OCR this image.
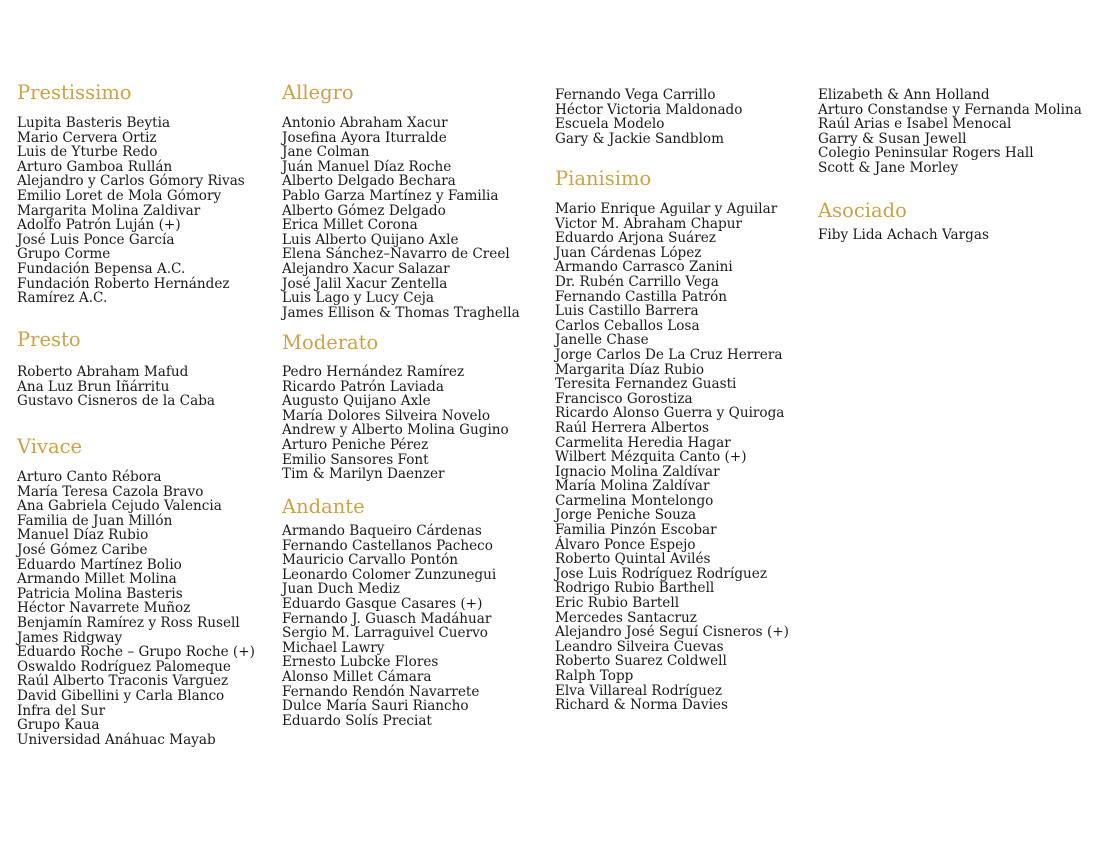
Prestissimo
Lupita Basteris Beytia
Mario Cervera Ortiz
Luis de Yturbe Redo
Arturo Gamboa Rullán
Alejandro y Carlos Gómory Rivas
Emilio Loret de Mola Gómory
Margarita Molina Zaldivar
Adolfo Patrón Luján (+)
José Luis Ponce García
Grupo Corme
Fundación Bepensa A.C.
Fundación Roberto Hernández
Ramírez A.C.
Presto
Roberto Abraham Mafud
Ana Luz Brun Iñárritu
Gustavo Cisneros de la Caba
Vivace
Arturo Canto Rébora
María Teresa Cazola Bravo
Ana Gabriela Cejudo Valencia
Familia de Juan Millón
Manuel Díaz Rubio
José Gómez Caribe
Eduardo Martínez Bolio
Armando Millet Molina
Patricia Molina Basteris
Héctor Navarrete Muñoz
Benjamín Ramírez y Ross Rusell
James Ridgway
Eduardo Roche – Grupo Roche (+)
Oswaldo Rodríguez Palomeque
Raúl Alberto Traconis Varguez
David Gibellini y Carla Blanco
Infra del Sur
Grupo Kaua
Universidad Anáhuac Mayab
Allegro
Antonio Abraham Xacur
Josefina Ayora Iturralde
Jane Colman
Juán Manuel Díaz Roche
Alberto Delgado Bechara
Pablo Garza Martínez y Familia
Alberto Gómez Delgado
Erica Millet Corona
Luis Alberto Quijano Axle
Elena Sánchez–Navarro de Creel
Alejandro Xacur Salazar
José Jalil Xacur Zentella
Luis Lago y Lucy Ceja
James Ellison & Thomas Traghella
Moderato
Pedro Hernández Ramírez
Ricardo Patrón Laviada
Augusto Quijano Axle
María Dolores Silveira Novelo
Andrew y Alberto Molina Gugino
Arturo Peniche Pérez
Emilio Sansores Font
Tim & Marilyn Daenzer
Andante
Armando Baqueiro Cárdenas
Fernando Castellanos Pacheco
Mauricio Carvallo Pontón
Leonardo Colomer Zunzunegui
Juan Duch Mediz
Eduardo Gasque Casares (+)
Fernando J. Guasch Madáhuar
Sergio M. Larraguivel Cuervo
Michael Lawry
Ernesto Lubcke Flores
Alonso Millet Cámara
Fernando Rendón Navarrete
Dulce María Sauri Riancho
Eduardo Solís Preciat
Fernando Vega Carrillo
Héctor Victoria Maldonado
Escuela Modelo
Gary & Jackie Sandblom
Pianisimo
Mario Enrique Aguilar y Aguilar
Victor M. Abraham Chapur
Eduardo Arjona Suárez
Juan Cárdenas López
Armando Carrasco Zanini
Dr. Rubén Carrillo Vega
Fernando Castilla Patrón
Luis Castillo Barrera
Carlos Ceballos Losa
Janelle Chase
Jorge Carlos De La Cruz Herrera
Margarita Díaz Rubio
Teresita Fernandez Guasti
Francisco Gorostiza
Ricardo Alonso Guerra y Quiroga
Raúl Herrera Albertos
Carmelita Heredia Hagar
Wilbert Mézquita Canto (+)
Ignacio Molina Zaldívar
María Molina Zaldívar
Carmelina Montelongo
Jorge Peniche Souza
Familia Pinzón Escobar
Álvaro Ponce Espejo
Roberto Quintal Avilés
Jose Luis Rodríguez Rodríguez
Rodrigo Rubio Barthell
Eric Rubio Bartell
Mercedes Santacruz
Alejandro José Seguí Cisneros (+)
Leandro Silveira Cuevas
Roberto Suarez Coldwell
Ralph Topp
Elva Villareal Rodríguez
Richard & Norma Davies
Elizabeth & Ann Holland
Arturo Constandse y Fernanda Molina
Raúl Arias e Isabel Menocal
Garry & Susan Jewell
Colegio Peninsular Rogers Hall
Scott & Jane Morley
Asociado
Fiby Lida Achach Vargas
